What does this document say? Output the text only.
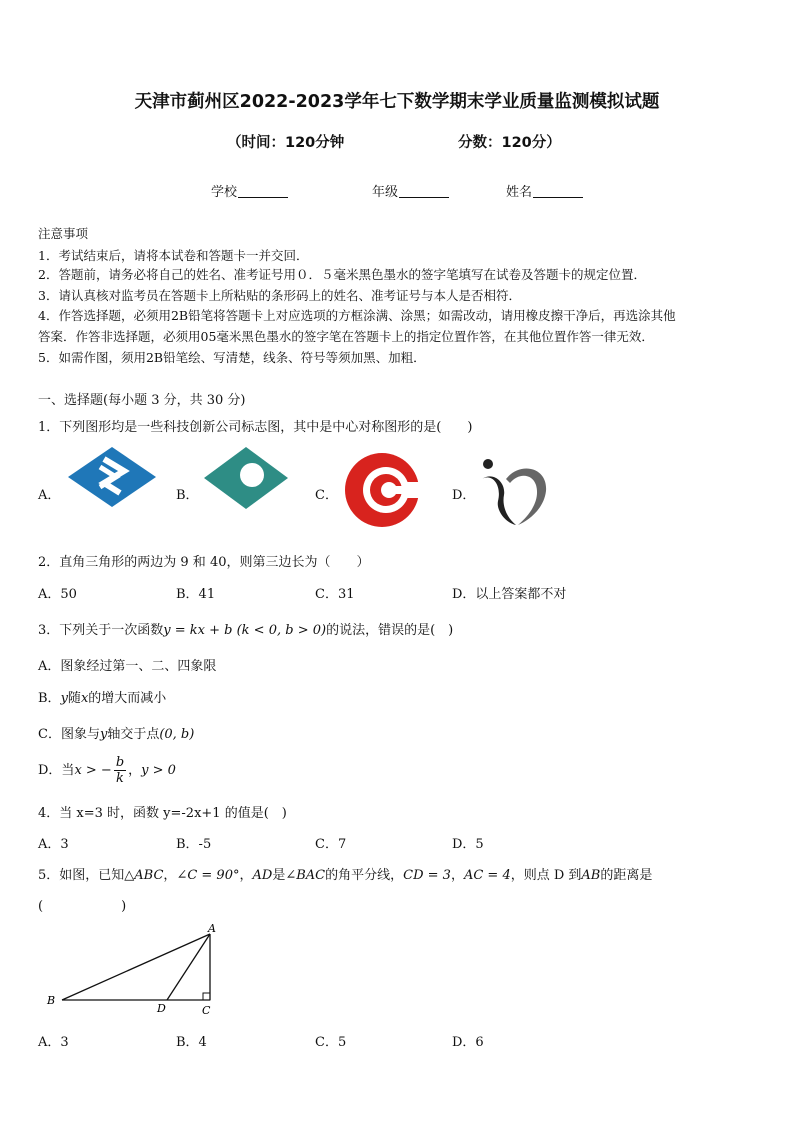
天津市蓟州区2022-2023学年七下数学期末学业质量监测模拟试题
（时间：120分钟	分数：120分）
学校	年级	姓名
注意事项
1．考试结束后，请将本试卷和答题卡一并交回．
2．答题前，请务必将自己的姓名、准考证号用０．５毫米黑色墨水的签字笔填写在试卷及答题卡的规定位置．
3．请认真核对监考员在答题卡上所粘贴的条形码上的姓名、准考证号与本人是否相符．
4．作答选择题，必须用2B铅笔将答题卡上对应选项的方框涂满、涂黑；如需改动，请用橡皮擦干净后，再选涂其他
答案．作答非选择题，必须用05毫米黑色墨水的签字笔在答题卡上的指定位置作答，在其他位置作答一律无效．
5．如需作图，须用2B铅笔绘、写清楚，线条、符号等须加黑、加粗．
一、选择题(每小题 3 分，共 30 分)
1．下列图形均是一些科技创新公司标志图，其中是中心对称图形的是(　　)
A．	B．	C．	D．
2．直角三角形的两边为 9 和 40，则第三边长为（　　）
A．50	B．41	C．31	D．以上答案都不对
3．下列关于一次函数y = kx + b (k < 0, b > 0)的说法，错误的是(　)
A．图象经过第一、二、四象限
B．y随x的增大而减小
C．图象与y轴交于点(0, b)
D．当x > − $\frac{b}{k}$ ，y > 0
4．当 x=3 时，函数 y=-2x+1 的值是(　)
A．3	B．-5	C．7	D．5
5．如图，已知△ABC，∠C = 90°，AD是∠BAC的角平分线，CD = 3，AC = 4，则点 D 到AB的距离是
(　　　　　　)
A
B
C
D
A．3	B．4	C．5	D．6
